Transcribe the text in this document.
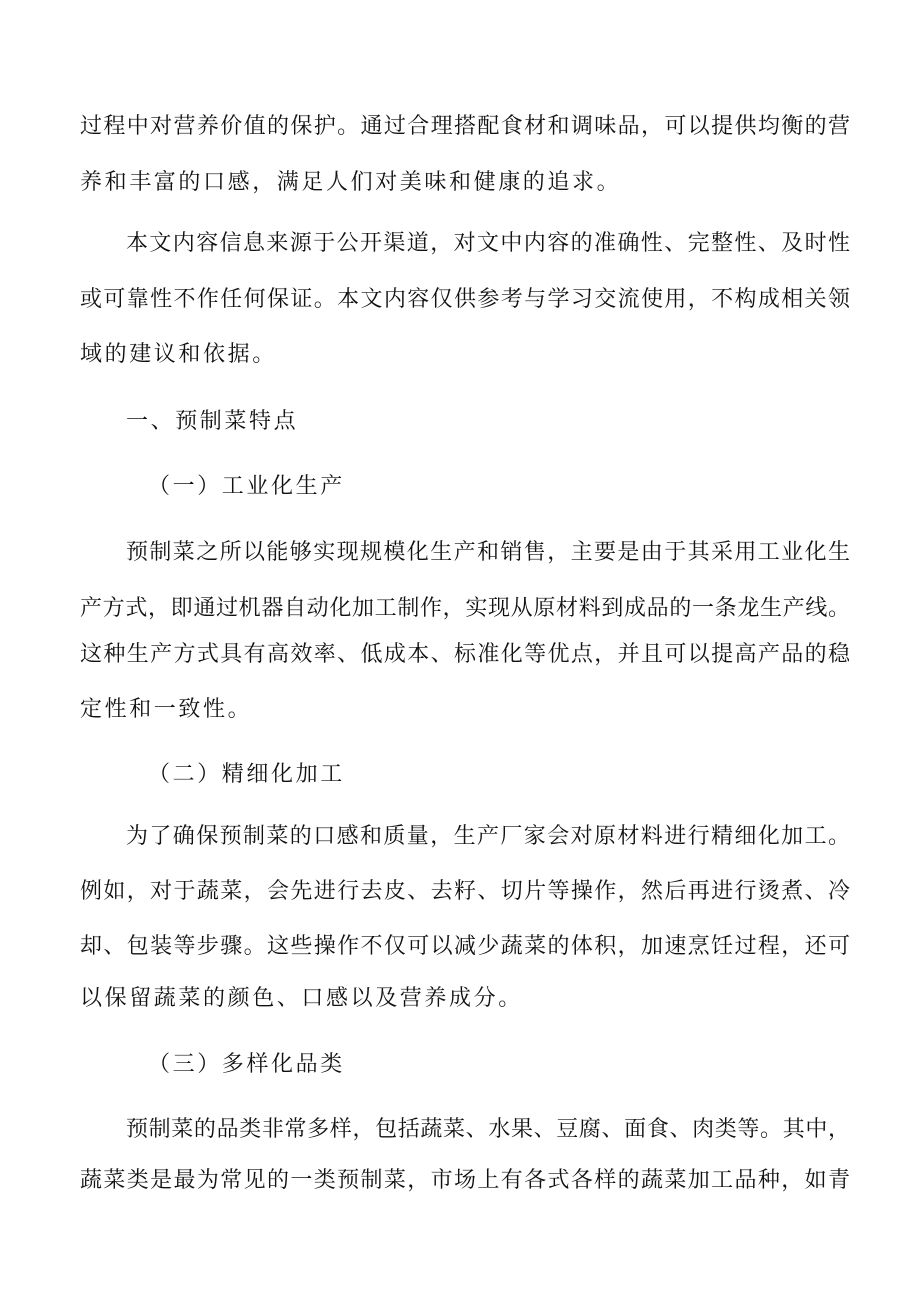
过程中对营养价值的保护。通过合理搭配食材和调味品，可以提供均衡的营
养和丰富的口感，满足人们对美味和健康的追求。
本文内容信息来源于公开渠道，对文中内容的准确性、完整性、及时性
或可靠性不作任何保证。本文内容仅供参考与学习交流使用，不构成相关领
域的建议和依据。
一、预制菜特点
（一）工业化生产
预制菜之所以能够实现规模化生产和销售，主要是由于其采用工业化生
产方式，即通过机器自动化加工制作，实现从原材料到成品的一条龙生产线。
这种生产方式具有高效率、低成本、标准化等优点，并且可以提高产品的稳
定性和一致性。
（二）精细化加工
为了确保预制菜的口感和质量，生产厂家会对原材料进行精细化加工。
例如，对于蔬菜，会先进行去皮、去籽、切片等操作，然后再进行烫煮、冷
却、包装等步骤。这些操作不仅可以减少蔬菜的体积，加速烹饪过程，还可
以保留蔬菜的颜色、口感以及营养成分。
（三）多样化品类
预制菜的品类非常多样，包括蔬菜、水果、豆腐、面食、肉类等。其中，
蔬菜类是最为常见的一类预制菜，市场上有各式各样的蔬菜加工品种，如青
